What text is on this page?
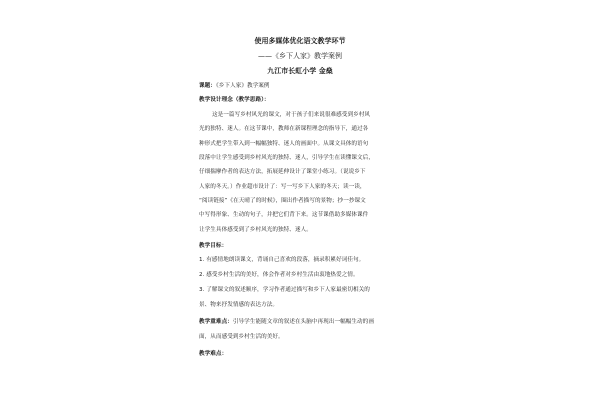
使用多媒体优化语文教学环节
——《乡下人家》教学案例
九江市长虹小学 金燊
课题：《乡下人家》教学案例
教学设计理念（教学思路）：
这是一篇写乡村风光的课文，对于孩子们来说很难感受到乡村风
光的独特、迷人。在这节课中，教师在新课程理念的指导下，通过各
种形式把学生带入到一幅幅独特、迷人的画面中。从课文具体的语句
段落中让学生感受到乡村风光的独特、迷人，引导学生在读懂课文后，
仔细揣摩作者的表达方法，拓展延伸设计了课堂小练习。（说说乡下
人家的冬天。）作业超市设计了：写一写乡下人家的冬天；读一读，
“阅读链接”《在天晴了的时候》，圈出作者描写的景物；抄一抄课文
中写得形象、生动的句子，并把它们背下来。这节课借助多媒体课件
让学生具体感受到了乡村风光的独特、迷人。
教学目标：
1. 有感情地朗读课文，背诵自己喜欢的段落，摘录积累好词佳句。
2. 感受乡村生活的美好，体会作者对乡村生活由衷地热爱之情。
3. 了解课文的叙述顺序，学习作者通过描写和乡下人家最密切相关的
景、物来抒发情感的表达方法。
教学重难点：引导学生能随文章的叙述在头脑中再现出一幅幅生动的画
面，从而感受到乡村生活的美好。
教学难点：
